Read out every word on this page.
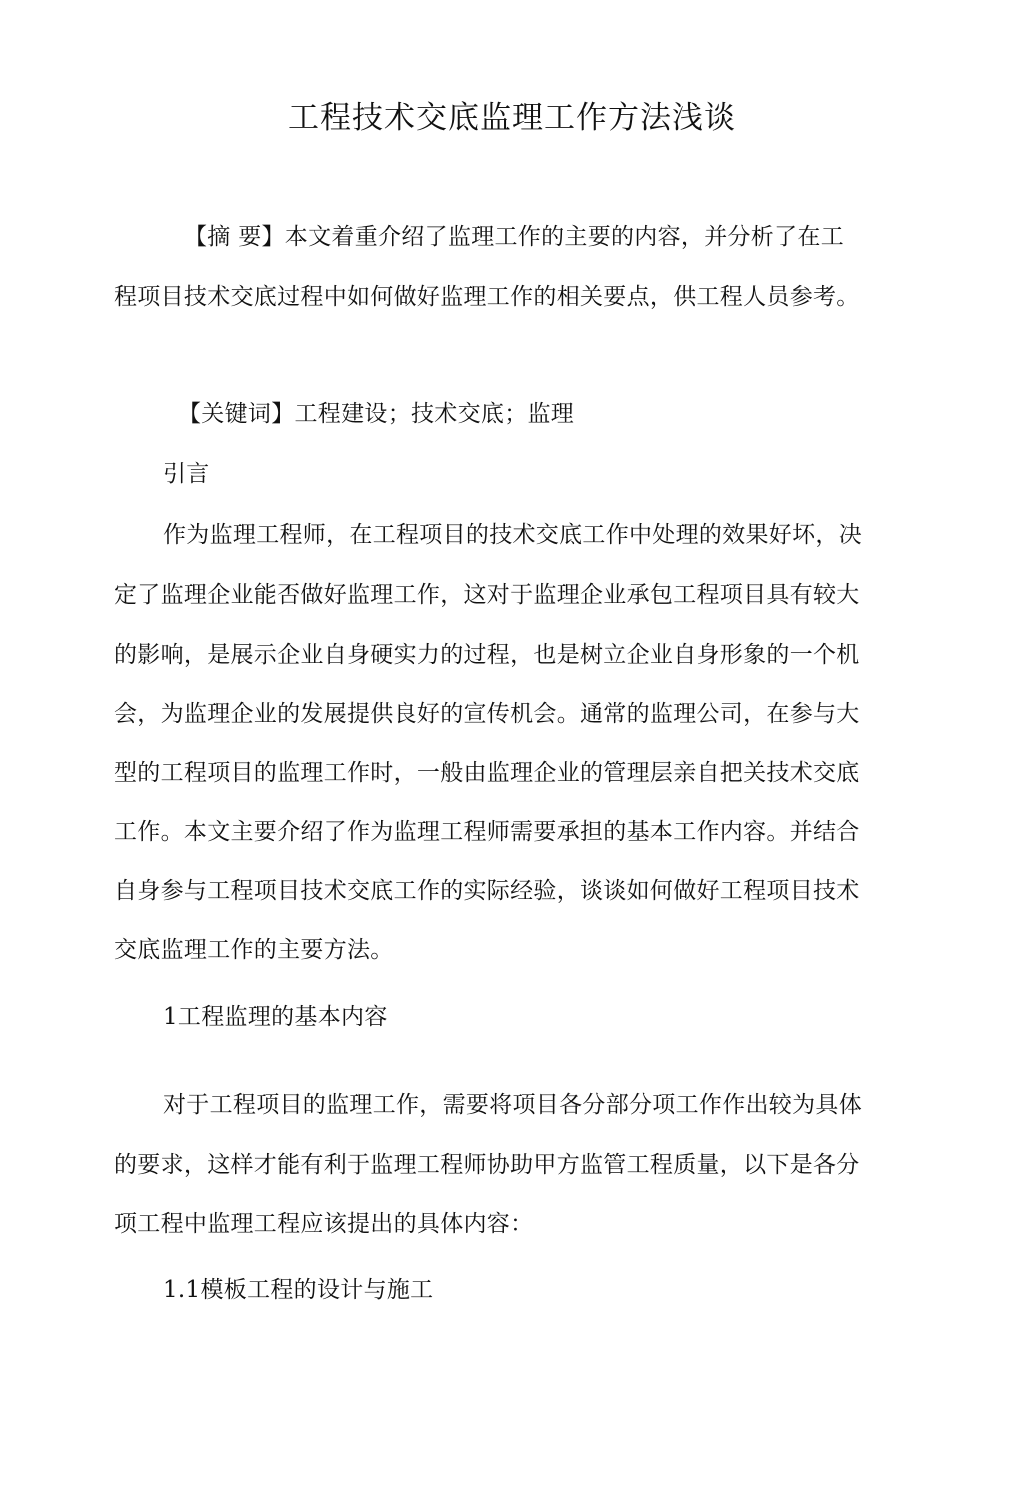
工程技术交底监理工作方法浅谈
【摘 要】本文着重介绍了监理工作的主要的内容，并分析了在工
程项目技术交底过程中如何做好监理工作的相关要点，供工程人员参考。
【关键词】工程建设；技术交底；监理
引言
作为监理工程师，在工程项目的技术交底工作中处理的效果好坏，决
定了监理企业能否做好监理工作，这对于监理企业承包工程项目具有较大
的影响，是展示企业自身硬实力的过程，也是树立企业自身形象的一个机
会，为监理企业的发展提供良好的宣传机会。通常的监理公司，在参与大
型的工程项目的监理工作时，一般由监理企业的管理层亲自把关技术交底
工作。本文主要介绍了作为监理工程师需要承担的基本工作内容。并结合
自身参与工程项目技术交底工作的实际经验，谈谈如何做好工程项目技术
交底监理工作的主要方法。
1工程监理的基本内容
对于工程项目的监理工作，需要将项目各分部分项工作作出较为具体
的要求，这样才能有利于监理工程师协助甲方监管工程质量，以下是各分
项工程中监理工程应该提出的具体内容：
1.1模板工程的设计与施工
